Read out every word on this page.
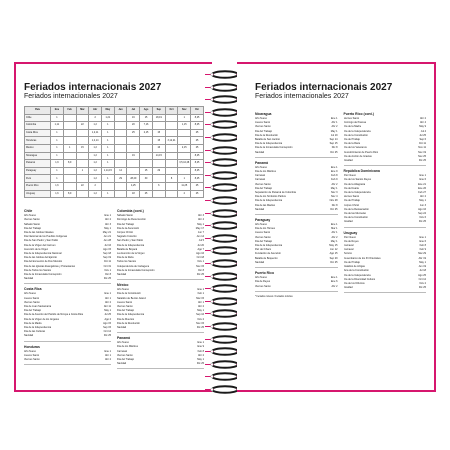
Feriados internacionais 2027
Feriados internacionales 2027
País	Ene	Feb	Mar	Abr	May	Jun	Jul	Ago	Sep	Oct	Nov	Dic
Chile	1			2	1,21		16	15	18,19		1	8,25
Colombia	1,11		22	1,2	1		20	7,16			1,15	8,25
Costa Rica	1			1,2,11	1		25	2,15	15			25
Honduras	1			1,2,14	1				15	3,12,21		25
México	1	1	15	1,2	1				16		2,15	25
Nicaragua	1			1,2	1		19		14,15			8,25
Panamá	1,9	8,9		1,2	1						3,5,10,28	8,25
Paraguay	1		1	1,2	1,14,15	12		15	29			8,25
Perú	1			1,2	1	29	28,29	30		8	1	8,25
Puerto Rico	1,6		22	2			4,25		6		11,25	25
Uruguay	1,6	8,9		1,2	1		18	25			2	25
Chile
Año Nuevo	Ene 1
Viernes Santo	Abr 2
Sábado Santo	Abr 3
Día del Trabajo	May 1
Día de las Glorias Navales	May 21
Día Nacional de los Pueblos Indígenas	Jun 21
Día de San Pedro y San Pablo	Jun 28
Día de la Virgen del Carmen	Jul 16
Asunción de la Virgen	Ago 15
Día de la Independencia Nacional	Sep 18
Día de las Glorias del Ejército	Sep 19
Día del Encuentro de Dos Mundos	Oct 11
Día de las Iglesias Evangélicas y Protestantes	Oct 31
Día de Todos los Santos	Nov 1
Día de la Inmaculada Concepción	Dic 8
Navidad	Dic 25
Costa Rica
Año Nuevo	Ene 1
Jueves Santo	Abr 1
Viernes Santo	Abr 2
Día de Juan Santamaría	Abr 11
Día del Trabajo	May 1
Día de la Anexión del Partido de Nicoya a Costa Rica	Jul 25
Día de la Virgen de los Ángeles	Ago 2
Día de la Madre	Ago 15
Día de la Independencia	Sep 15
Día de las Culturas	Oct 12
Navidad	Dic 25
Honduras
Año Nuevo	Ene 1
Jueves Santo	Abr 1
Viernes Santo	Abr 2
Colombia (cont.)
Sábado Santo	Abr 3
Domingo de Resurrección	Abr 4
Día del Trabajo	May 1
Día de la Ascensión	May 17
Corpus Christi	Jun 7
Sagrado Corazón	Jun 14
San Pedro y San Pablo	Jul 5
Día de la Independencia	Jul 20
Batalla de Boyacá	Ago 7
La Asunción de la Virgen	Ago 16
Día de la Raza	Oct 18
Todos los Santos	Nov 1
Independencia de Cartagena	Nov 15
Día de la Inmaculada Concepción	Dic 8
Navidad	Dic 25
México
Año Nuevo	Ene 1
Día de la Constitución	Feb 1
Natalicio de Benito Juárez	Mar 15
Jueves Santo	Abr 1
Viernes Santo	Abr 2
Día del Trabajo	May 1
Día de la Independencia	Sep 16
Día de Muertos	Nov 2
Día de la Revolución	Nov 15
Navidad	Dic 25
Panamá
Año Nuevo	Ene 1
Día de los Mártires	Ene 9
Carnaval	Feb 8
Viernes Santo	Abr 2
Día del Trabajo	May 1
Navidad	Dic 25
Feriados internacionais 2027
Feriados internacionales 2027
Nicaragua
Año Nuevo	Ene 1
Jueves Santo	Abr 1
Viernes Santo	Abr 2
Día del Trabajo	May 1
Día de la Revolución	Jul 19
Batalla de San Jacinto	Sep 14
Día de la Independencia	Sep 15
Día de la Inmaculada Concepción	Dic 8
Navidad	Dic 25
Panamá
Año Nuevo	Ene 1
Día de los Mártires	Ene 9
Carnaval	Feb 8
Carnaval	Feb 9
Viernes Santo	Abr 2
Día del Trabajo	May 1
Separación de Panamá de Colombia	Nov 3
Día de los Símbolos Patrios	Nov 4
Día de la Independencia	Nov 28
Día de las Madres	Dic 8
Navidad	Dic 25
Paraguay
Año Nuevo	Ene 1
Día de los Héroes	Mar 1
Jueves Santo	Abr 1
Viernes Santo	Abr 2
Día del Trabajo	May 1
Día de la Independencia	May 15
Paz del Chaco	Jun 12
Fundación de Asunción	Ago 15
Batalla de Boquerón	Sep 29
Navidad	Dic 25
Puerto Rico
Año Nuevo	Ene 1
Día de Reyes	Ene 6
Viernes Santo	Abr 2
Puerto Rico (cont.)
Viernes Santo	Abr 2
Domingo de Pascua	Abr 4
Día de la Madre	May 9
Día de la Independencia	Jul 4
Día de la Constitución	Jul 25
Día del Trabajo	Sep 6
Día de la Raza	Oct 11
Día de los Veteranos	Nov 11
Descubrimiento de Puerto Rico	Nov 19
Día de Acción de Gracias	Nov 25
Navidad	Dic 25
República Dominicana
Año Nuevo	Ene 1
Día de los Santos Reyes	Ene 6
Día de la Altagracia	Ene 21
Día de Duarte	Ene 26
Día de la Independencia	Feb 27
Viernes Santo	Abr 2
Día del Trabajo	May 1
Corpus Christi	Jun 3
Día de la Restauración	Ago 16
Día de las Mercedes	Sep 24
Día de la Constitución	Nov 6
Navidad	Dic 25
Uruguay
Año Nuevo	Ene 1
Día de Reyes	Ene 6
Carnaval	Feb 8
Carnaval	Feb 9
Turismo	Mar 29
Desembarco de los 33 Orientales	Abr 19
Día del Trabajo	May 1
Natalicio de Artigas	Jun 19
Jura de la Constitución	Jul 18
Día de la Independencia	Ago 25
Día de la Diversidad Cultural	Oct 12
Día de los Difuntos	Nov 2
Navidad	Dic 25
* Feriados móveis / Feriados móviles
